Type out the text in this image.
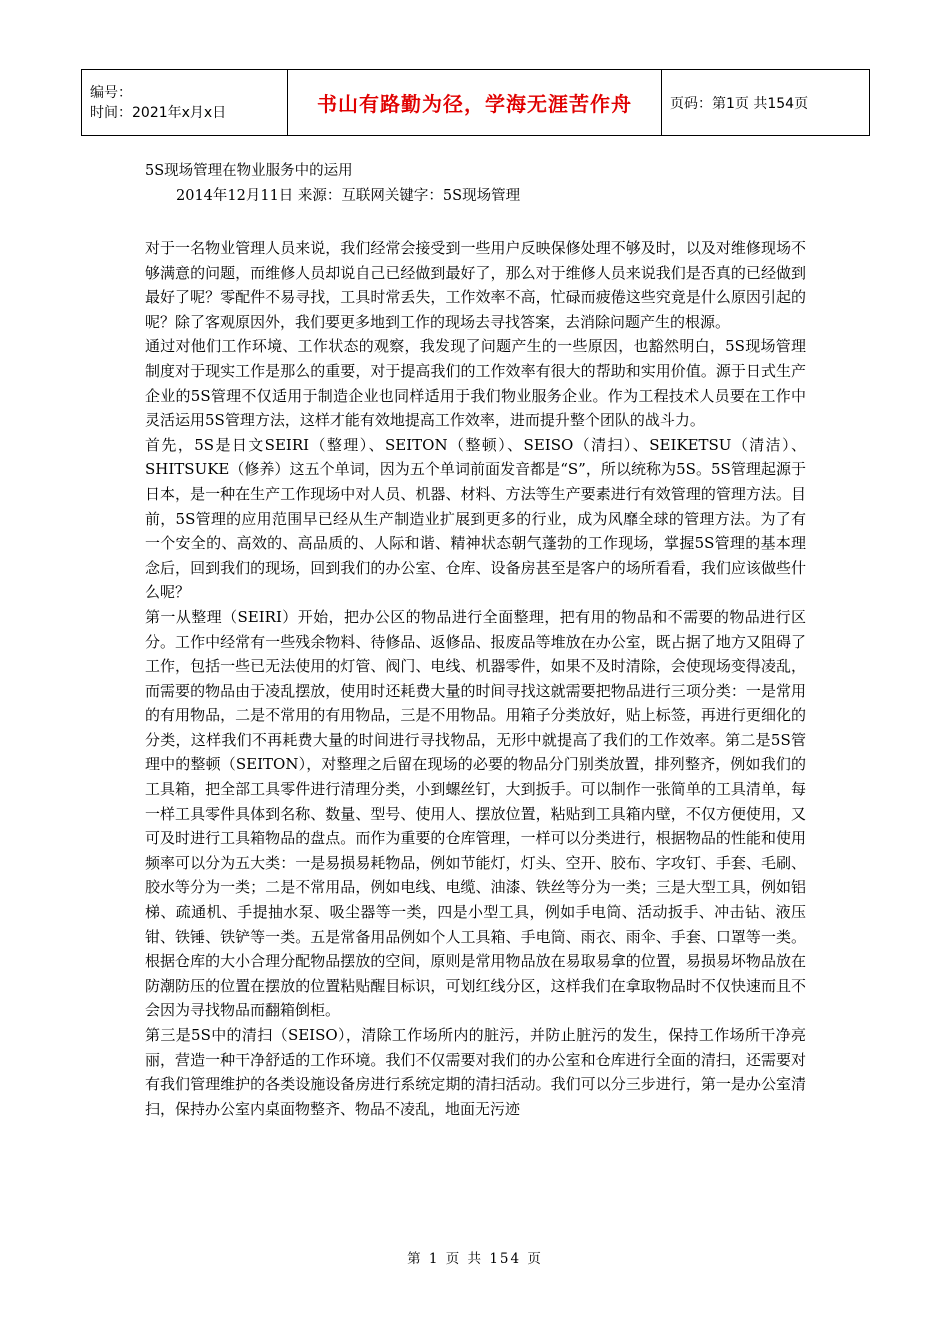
编号：
时间：2021年x月x日	书山有路勤为径，学海无涯苦作舟	页码：第1页 共154页
5S现场管理在物业服务中的运用
2014年12月11日 来源：互联网关键字：5S现场管理

对于一名物业管理人员来说，我们经常会接受到一些用户反映保修处理不够及时，以及对维修现场不够满意的问题，而维修人员却说自己已经做到最好了，那么对于维修人员来说我们是否真的已经做到最好了呢？零配件不易寻找，工具时常丢失，工作效率不高，忙碌而疲倦这些究竟是什么原因引起的呢？除了客观原因外，我们要更多地到工作的现场去寻找答案，去消除问题产生的根源。

通过对他们工作环境、工作状态的观察，我发现了问题产生的一些原因，也豁然明白，5S现场管理制度对于现实工作是那么的重要，对于提高我们的工作效率有很大的帮助和实用价值。源于日式生产企业的5S管理不仅适用于制造企业也同样适用于我们物业服务企业。作为工程技术人员要在工作中灵活运用5S管理方法，这样才能有效地提高工作效率，进而提升整个团队的战斗力。

首先，5S是日文SEIRI（整理）、SEITON（整顿）、SEISO（清扫）、SEIKETSU（清洁）、SHITSUKE（修养）这五个单词，因为五个单词前面发音都是“S”，所以统称为5S。5S管理起源于日本，是一种在生产工作现场中对人员、机器、材料、方法等生产要素进行有效管理的管理方法。目前，5S管理的应用范围早已经从生产制造业扩展到更多的行业，成为风靡全球的管理方法。为了有一个安全的、高效的、高品质的、人际和谐、精神状态朝气蓬勃的工作现场，掌握5S管理的基本理念后，回到我们的现场，回到我们的办公室、仓库、设备房甚至是客户的场所看看，我们应该做些什么呢？

第一从整理（SEIRI）开始，把办公区的物品进行全面整理，把有用的物品和不需要的物品进行区分。工作中经常有一些残余物料、待修品、返修品、报废品等堆放在办公室，既占据了地方又阻碍了工作，包括一些已无法使用的灯管、阀门、电线、机器零件，如果不及时清除，会使现场变得凌乱，而需要的物品由于凌乱摆放，使用时还耗费大量的时间寻找这就需要把物品进行三项分类：一是常用的有用物品，二是不常用的有用物品，三是不用物品。用箱子分类放好，贴上标签，再进行更细化的分类，这样我们不再耗费大量的时间进行寻找物品，无形中就提高了我们的工作效率。第二是5S管理中的整顿（SEITON），对整理之后留在现场的必要的物品分门别类放置，排列整齐，例如我们的工具箱，把全部工具零件进行清理分类，小到螺丝钉，大到扳手。可以制作一张简单的工具清单，每一样工具零件具体到名称、数量、型号、使用人、摆放位置，粘贴到工具箱内壁，不仅方便使用，又可及时进行工具箱物品的盘点。而作为重要的仓库管理，一样可以分类进行，根据物品的性能和使用频率可以分为五大类：一是易损易耗物品，例如节能灯，灯头、空开、胶布、字攻钉、手套、毛刷、胶水等分为一类；二是不常用品，例如电线、电缆、油漆、铁丝等分为一类；三是大型工具，例如铝梯、疏通机、手提抽水泵、吸尘器等一类，四是小型工具，例如手电筒、活动扳手、冲击钻、液压钳、铁锤、铁铲等一类。五是常备用品例如个人工具箱、手电筒、雨衣、雨伞、手套、口罩等一类。根据仓库的大小合理分配物品摆放的空间，原则是常用物品放在易取易拿的位置，易损易坏物品放在防潮防压的位置在摆放的位置粘贴醒目标识，可划红线分区，这样我们在拿取物品时不仅快速而且不会因为寻找物品而翻箱倒柜。

第三是5S中的清扫（SEISO），清除工作场所内的脏污，并防止脏污的发生，保持工作场所干净亮丽，营造一种干净舒适的工作环境。我们不仅需要对我们的办公室和仓库进行全面的清扫，还需要对有我们管理维护的各类设施设备房进行系统定期的清扫活动。我们可以分三步进行，第一是办公室清扫，保持办公室内桌面物整齐、物品不凌乱，地面无污迹

第 1 页 共 154 页
